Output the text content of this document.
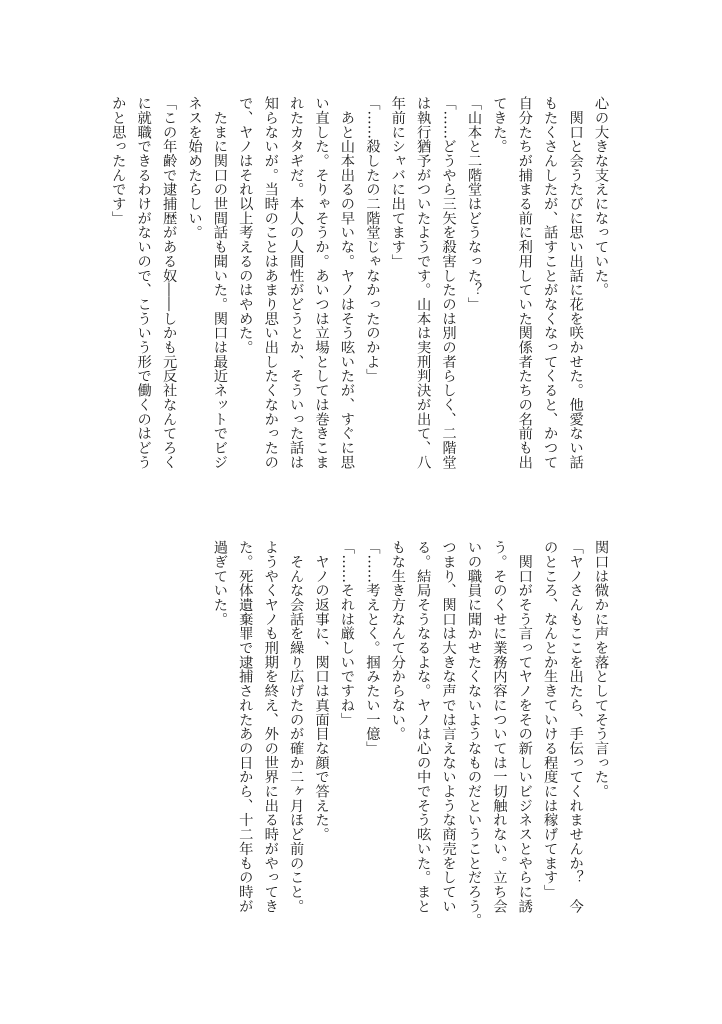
心の大きな支えになっていた。
　関口と会うたびに思い出話に花を咲かせた。他愛ない話
もたくさんしたが、話すことがなくなってくると、かつて
自分たちが捕まる前に利用していた関係者たちの名前も出
てきた。
「山本と二階堂はどうなった？」
「……どうやら三矢を殺害したのは別の者らしく、二階堂
は執行猶予がついたようです。山本は実刑判決が出て、八
年前にシャバに出てます」
「……殺したの二階堂じゃなかったのかよ」
　あと山本出るの早いな。ヤノはそう呟いたが、すぐに思
い直した。そりゃそうか。あいつは立場としては巻きこま
れたカタギだ。本人の人間性がどうとか、そういった話は
知らないが。当時のことはあまり思い出したくなかったの
で、ヤノはそれ以上考えるのはやめた。
　たまに関口の世間話も聞いた。関口は最近ネットでビジ
ネスを始めたらしい。
「この年齢で逮捕歴がある奴――しかも元反社なんてろく
に就職できるわけがないので、こういう形で働くのはどう
かと思ったんです」
関口は微かに声を落としてそう言った。
「ヤノさんもここを出たら、手伝ってくれませんか？　今
のところ、なんとか生きていける程度には稼げてます」
　関口がそう言ってヤノをその新しいビジネスとやらに誘
う。そのくせに業務内容については一切触れない。立ち会
いの職員に聞かせたくないようなものだということだろう。
つまり、関口は大きな声では言えないような商売をしてい
る。結局そうなるよな。ヤノは心の中でそう呟いた。まと
もな生き方なんて分からない。
「……考えとく。掴みたい一億」
「……それは厳しいですね」
　ヤノの返事に、関口は真面目な顔で答えた。
　そんな会話を繰り広げたのが確か二ヶ月ほど前のこと。
ようやくヤノも刑期を終え、外の世界に出る時がやってき
た。死体遺棄罪で逮捕されたあの日から、十二年もの時が
過ぎていた。
